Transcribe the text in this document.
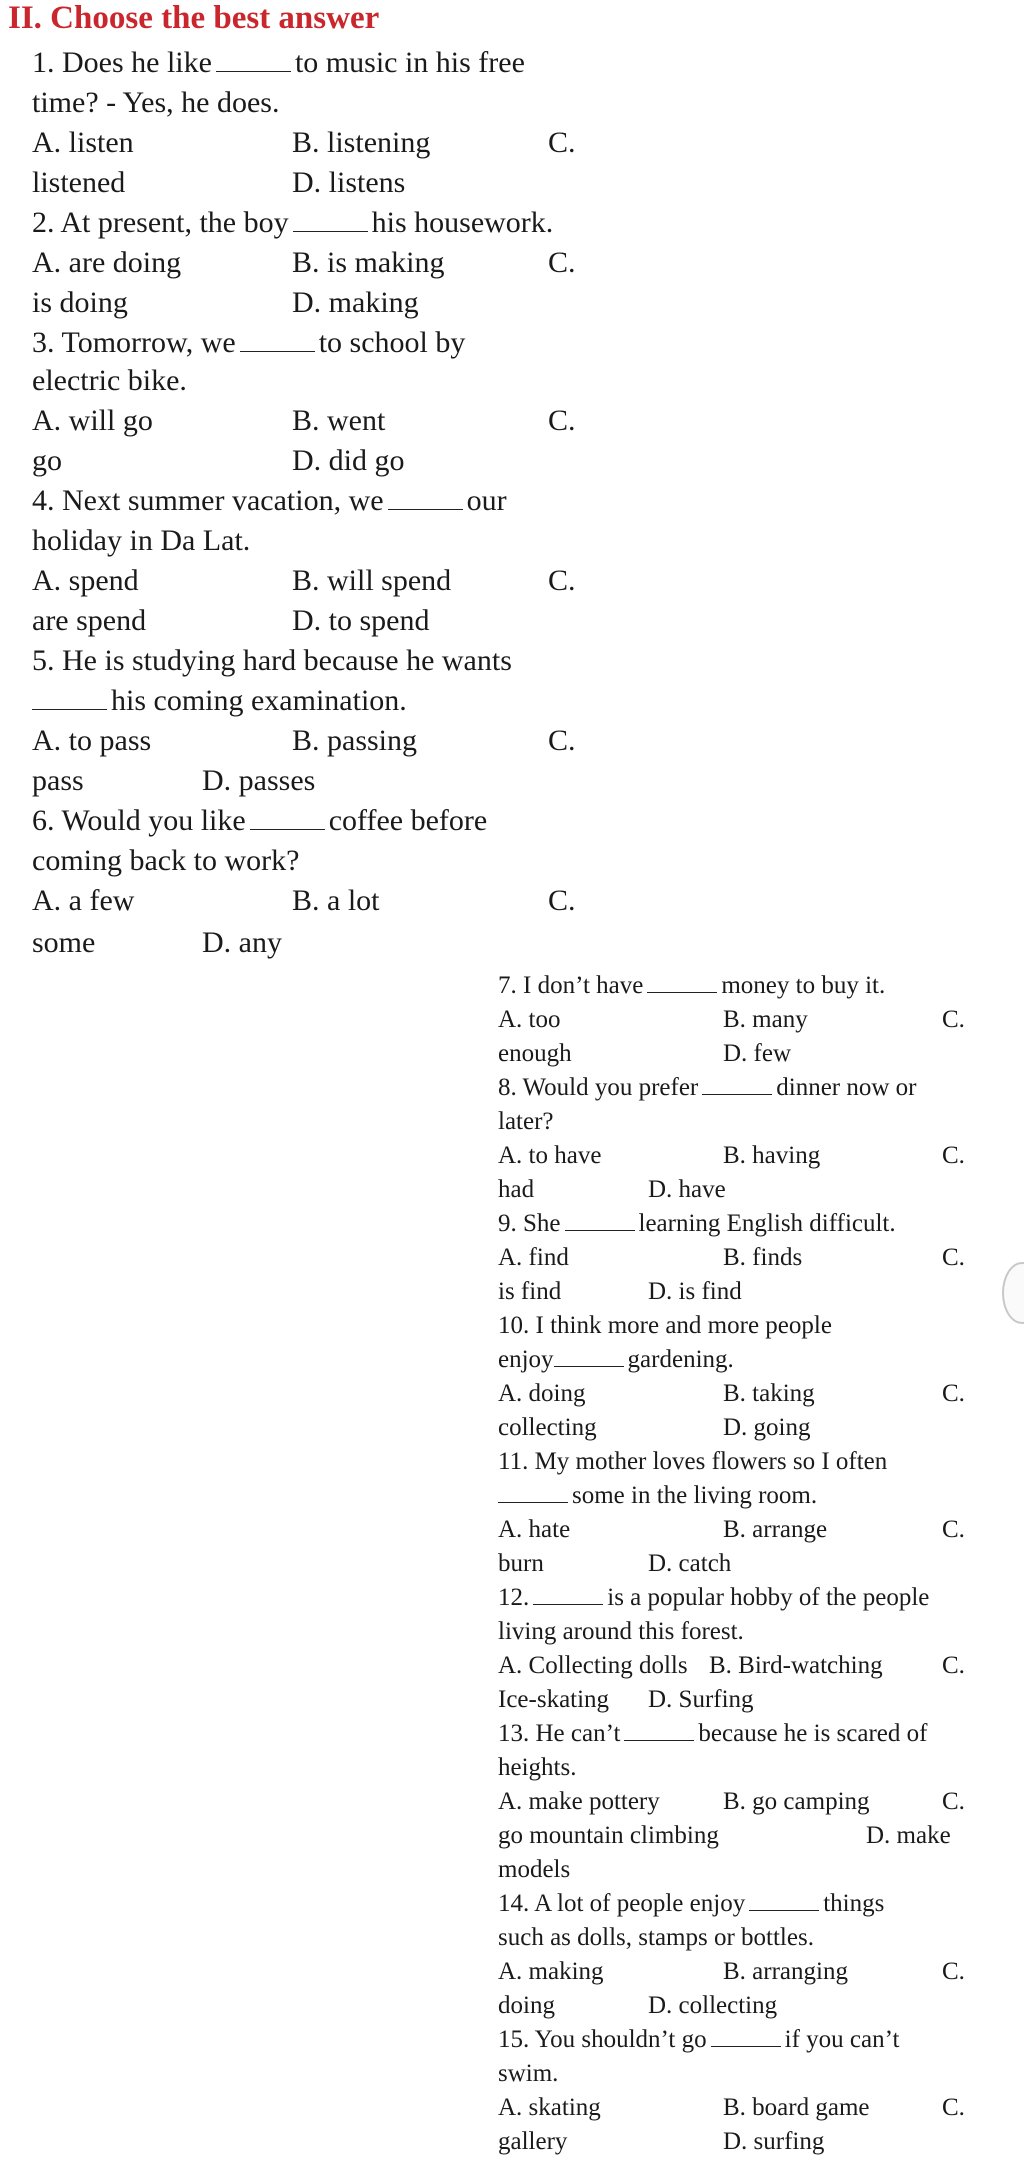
II. Choose the best answer
1. Does he like	to music in his free
time? - Yes, he does.
A. listen	B. listening	C.
listened	D. listens
2. At present, the boy	his housework.
A. are doing	B. is making	C.
is doing	D. making
3. Tomorrow, we	to school by
electric bike.
A. will go	B. went	C.
go	D. did go
4. Next summer vacation, we	our
holiday in Da Lat.
A. spend	B. will spend	C.
are spend	D. to spend
5. He is studying hard because he wants
his coming examination.
A. to pass	B. passing	C.
pass	D. passes
6. Would you like	coffee before
coming back to work?
A. a few	B. a lot	C.
some	D. any
7. I don’t have	money to buy it.
A. too	B. many	C.
enough	D. few
8. Would you prefer	dinner now or
later?
A. to have	B. having	C.
had	D. have
9. She	learning English difficult.
A. find	B. finds	C.
is find	D. is find
10. I think more and more people
enjoy	gardening.
A. doing	B. taking	C.
collecting	D. going
11. My mother loves flowers so I often
some in the living room.
A. hate	B. arrange	C.
burn	D. catch
12.	is a popular hobby of the people
living around this forest.
A. Collecting dolls B. Bird-watching C.
Ice-skating D. Surfing
13. He can’t	because he is scared of
heights.
A. make pottery	B. go camping	C.
go mountain climbing	D. make
models
14. A lot of people enjoy	things
such as dolls, stamps or bottles.
A. making	B. arranging	C.
doing	D. collecting
15. You shouldn’t go	if you can’t
swim.
A. skating	B. board game	C.
gallery	D. surfing
